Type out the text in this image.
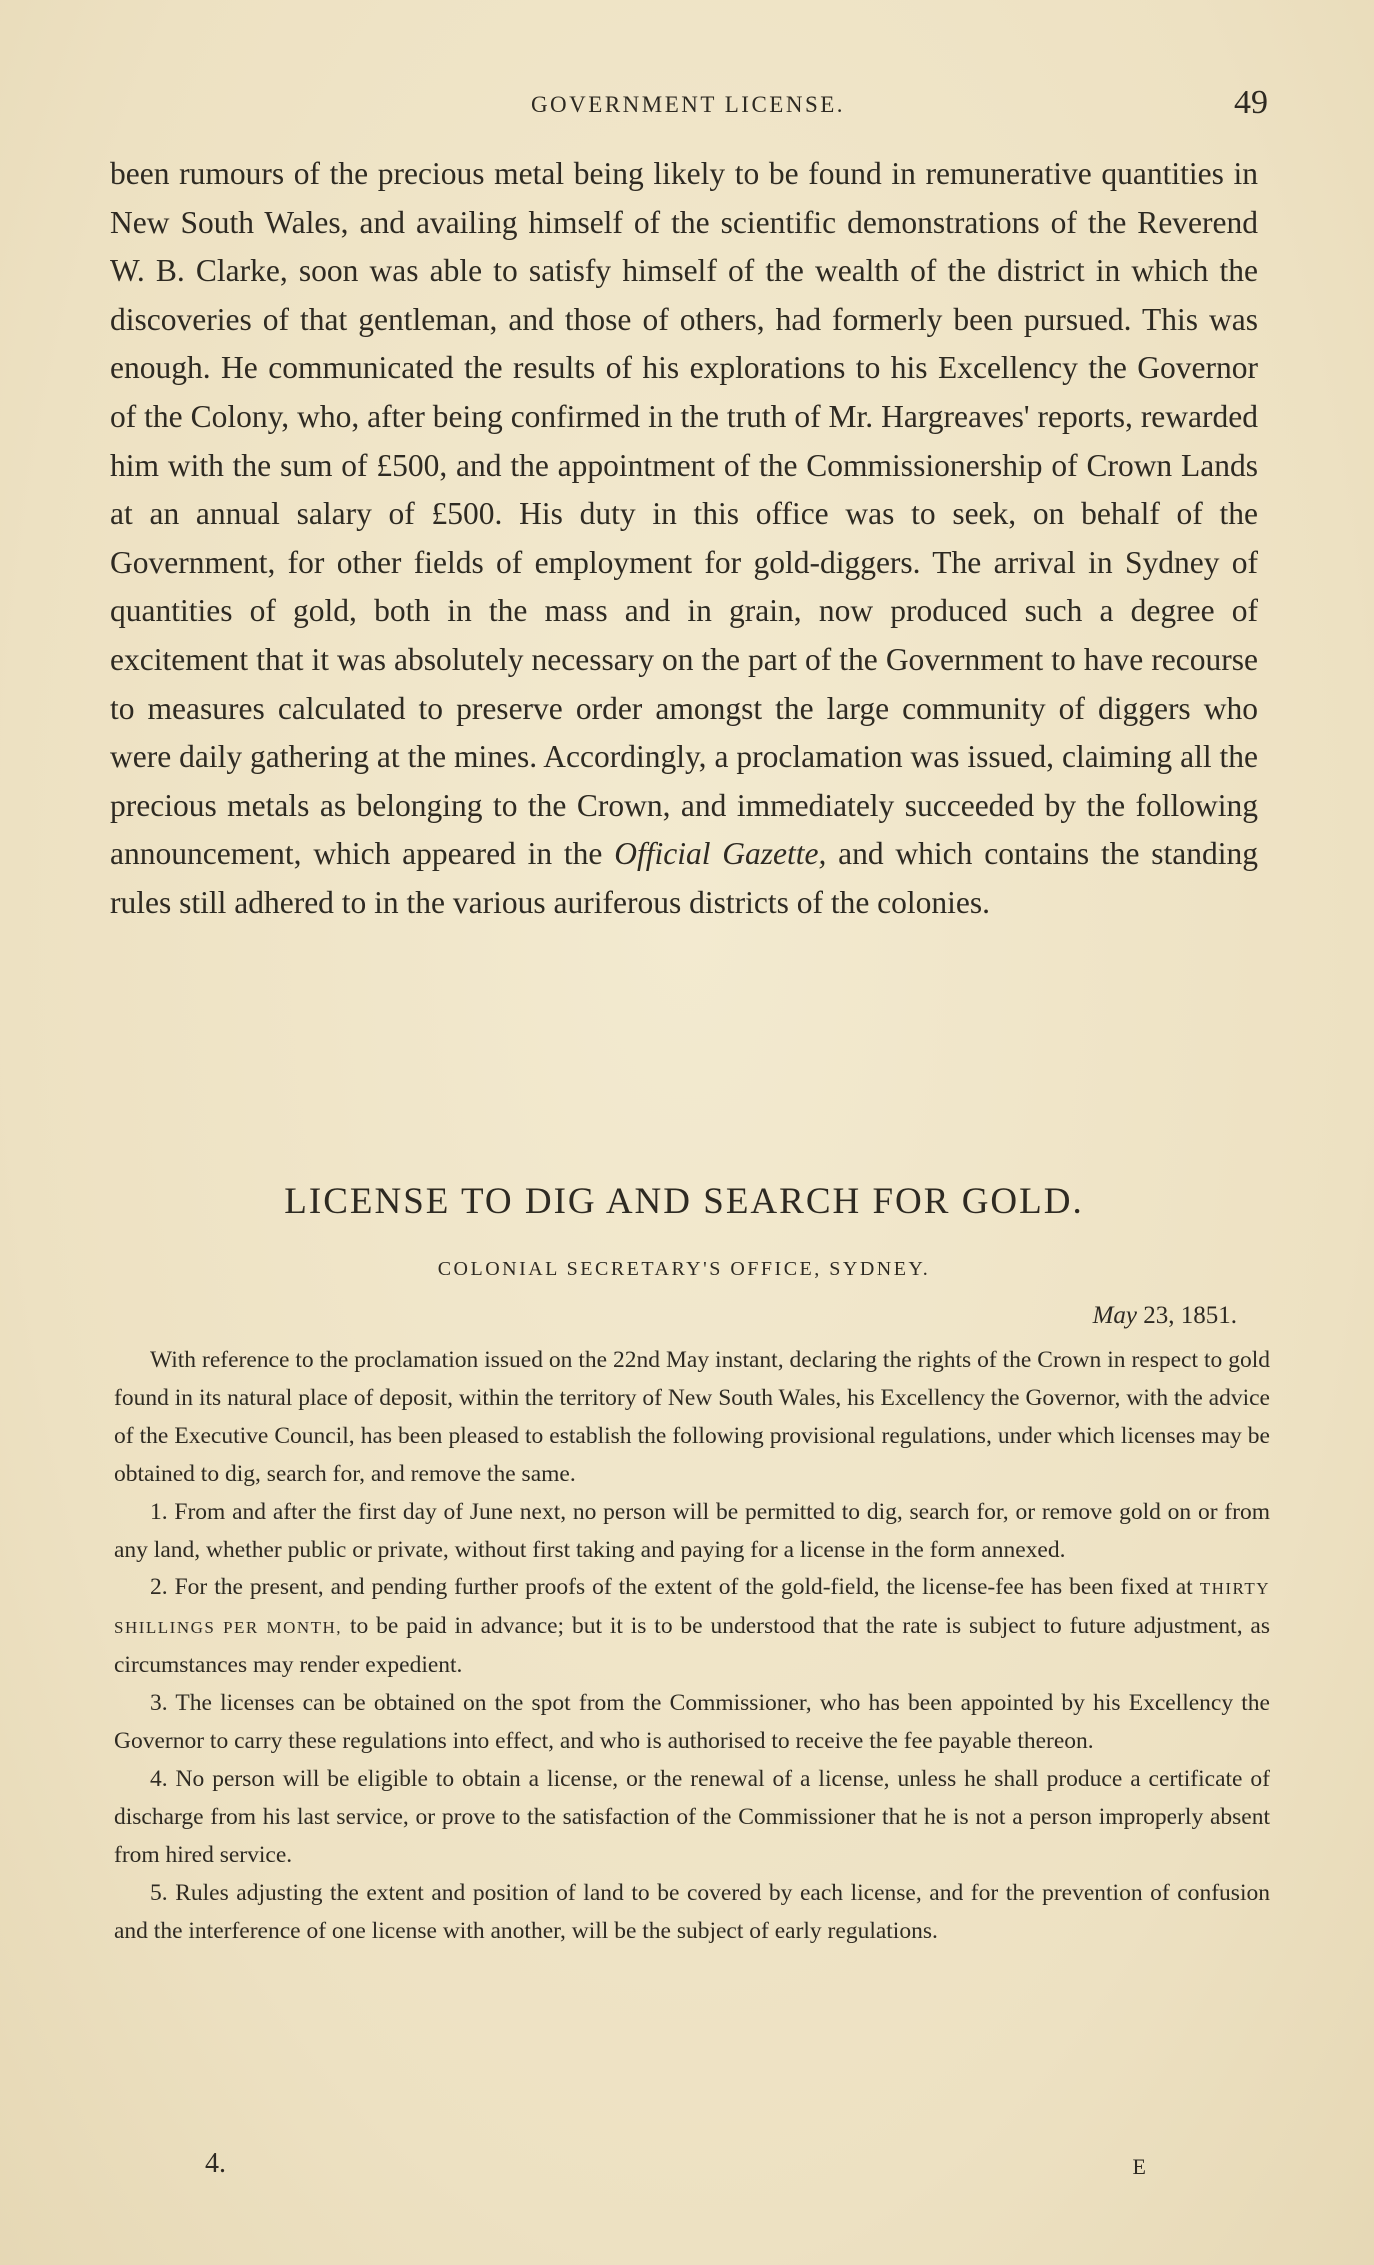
GOVERNMENT LICENSE.	49

been rumours of the precious metal being likely to be found in remunerative quantities in New South Wales, and availing himself of the scientific demonstrations of the Reverend W. B. Clarke, soon was able to satisfy himself of the wealth of the district in which the discoveries of that gentleman, and those of others, had formerly been pursued. This was enough. He communicated the results of his explorations to his Excellency the Governor of the Colony, who, after being confirmed in the truth of Mr. Hargreaves' reports, rewarded him with the sum of £500, and the appointment of the Commissionership of Crown Lands at an annual salary of £500. His duty in this office was to seek, on behalf of the Government, for other fields of employment for gold-diggers. The arrival in Sydney of quantities of gold, both in the mass and in grain, now produced such a degree of excitement that it was absolutely necessary on the part of the Government to have recourse to measures calculated to preserve order amongst the large community of diggers who were daily gathering at the mines. Accordingly, a proclamation was issued, claiming all the precious metals as belonging to the Crown, and immediately succeeded by the following announcement, which appeared in the Official Gazette, and which contains the standing rules still adhered to in the various auriferous districts of the colonies.

LICENSE TO DIG AND SEARCH FOR GOLD.
COLONIAL SECRETARY'S OFFICE, SYDNEY.
May 23, 1851.

With reference to the proclamation issued on the 22nd May instant, declaring the rights of the Crown in respect to gold found in its natural place of deposit, within the territory of New South Wales, his Excellency the Governor, with the advice of the Executive Council, has been pleased to establish the following provisional regulations, under which licenses may be obtained to dig, search for, and remove the same.

1. From and after the first day of June next, no person will be permitted to dig, search for, or remove gold on or from any land, whether public or private, without first taking and paying for a license in the form annexed.

2. For the present, and pending further proofs of the extent of the gold-field, the license-fee has been fixed at THIRTY SHILLINGS PER MONTH, to be paid in advance; but it is to be understood that the rate is subject to future adjustment, as circumstances may render expedient.

3. The licenses can be obtained on the spot from the Commissioner, who has been appointed by his Excellency the Governor to carry these regulations into effect, and who is authorised to receive the fee payable thereon.

4. No person will be eligible to obtain a license, or the renewal of a license, unless he shall produce a certificate of discharge from his last service, or prove to the satisfaction of the Commissioner that he is not a person improperly absent from hired service.

5. Rules adjusting the extent and position of land to be covered by each license, and for the prevention of confusion and the interference of one license with another, will be the subject of early regulations.

4.	E
